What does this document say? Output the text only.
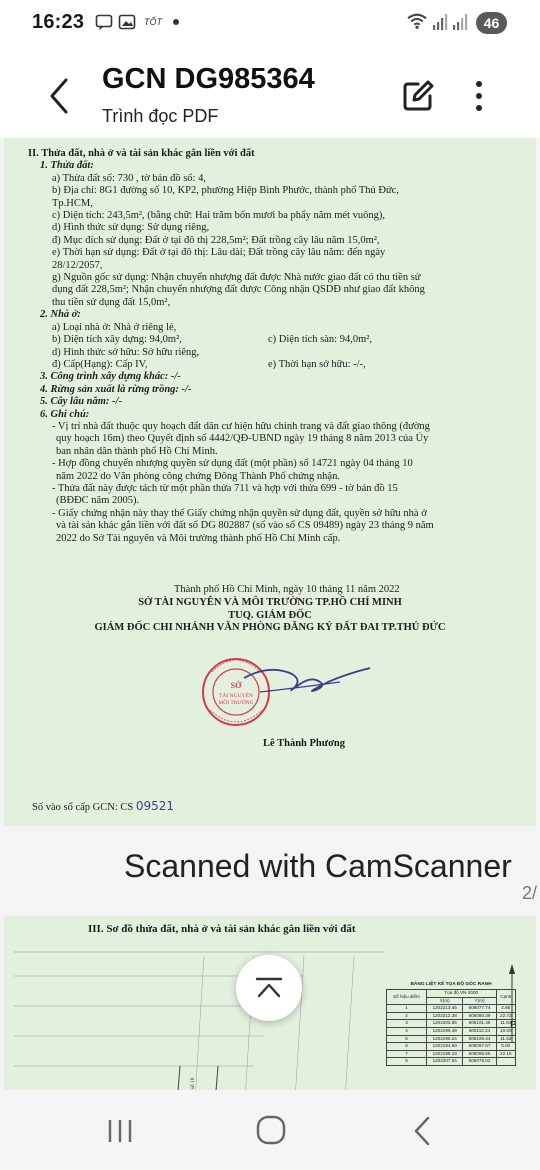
16:23	TỐT	46
GCN DG985364
Trình đọc PDF
II. Thửa đất, nhà ở và tài sản khác gắn liền với đất
1. Thửa đất:
a) Thửa đất số: 730 , tờ bản đồ số: 4,
b) Địa chỉ: 8G1 đường số 10, KP2, phường Hiệp Bình Phước, thành phố Thủ Đức,
Tp.HCM,
c) Diện tích: 243,5m², (bằng chữ: Hai trăm bốn mươi ba phẩy năm mét vuông),
d) Hình thức sử dụng: Sử dụng riêng,
đ) Mục đích sử dụng: Đất ở tại đô thị 228,5m²; Đất trồng cây lâu năm 15,0m²,
e) Thời hạn sử dụng: Đất ở tại đô thị: Lâu dài; Đất trồng cây lâu năm: đến ngày
28/12/2057,
g) Nguồn gốc sử dụng: Nhận chuyển nhượng đất được Nhà nước giao đất có thu tiền sử
dụng đất 228,5m²; Nhận chuyển nhượng đất được Công nhận QSDĐ như giao đất không
thu tiền sử dụng đất 15,0m²,
2. Nhà ở:
a) Loại nhà ở: Nhà ở riêng lẻ,
b) Diện tích xây dựng: 94,0m²,	c) Diện tích sàn: 94,0m²,
d) Hình thức sở hữu: Sở hữu riêng,
đ) Cấp(Hạng): Cấp IV,	e) Thời hạn sở hữu: -/-,
3. Công trình xây dựng khác: -/-
4. Rừng sản xuất là rừng trồng: -/-
5. Cây lâu năm: -/-
6. Ghi chú:
- Vị trí nhà đất thuộc quy hoạch đất dân cư hiện hữu chỉnh trang và đất giao thông (đường
quy hoạch 16m) theo Quyết định số 4442/QĐ-UBND ngày 19 tháng 8 năm 2013 của Ủy
ban nhân dân thành phố Hồ Chí Minh.
- Hợp đồng chuyển nhượng quyền sử dụng đất (một phần) số 14721 ngày 04 tháng 10
năm 2022 do Văn phòng công chứng Đông Thành Phố chứng nhận.
- Thửa đất này được tách từ một phần thửa 711 và hợp với thửa 699 - tờ bản đồ 15
(BĐĐC năm 2005).
- Giấy chứng nhận này thay thế Giấy chứng nhận quyền sử dụng đất, quyền sở hữu nhà ở
và tài sản khác gắn liền với đất số DG 802887 (số vào sổ CS 09489) ngày 23 tháng 9 năm
2022 do Sở Tài nguyên và Môi trường thành phố Hồ Chí Minh cấp.
Thành phố Hồ Chí Minh, ngày 10 tháng 11 năm 2022
SỞ TÀI NGUYÊN VÀ MÔI TRƯỜNG TP.HỒ CHÍ MINH
TUQ. GIÁM ĐỐC
GIÁM ĐỐC CHI NHÁNH VĂN PHÒNG ĐĂNG KÝ ĐẤT ĐAI TP.THỦ ĐỨC
SỞ
TÀI NGUYÊN
MÔI TRƯỜNG
Lê Thành Phương
Số vào sổ cấp GCN: CS 09521
Scanned with CamScanner
2/
III. Sơ đồ thửa đất, nhà ở và tài sản khác gắn liền với đất
B
BẢNG LIỆT KÊ TỌA ĐỘ GÓC RANH
Số hiệu điểm	Tọa độ VN-2000		Cạnh
	X(m)	Y(m)	
1	1202213.45	606077.74	2.86
2	1202212.38	606080.39	22.72
3	1202203.85	606101.46	11.64
4	1202199.49	606112.24	10.00
5	1202190.24	606108.44	11.63
6	1202194.60	606097.67	5.00
7	1202199.23	606099.55	22.15
8	1202207.54	606079.02	
